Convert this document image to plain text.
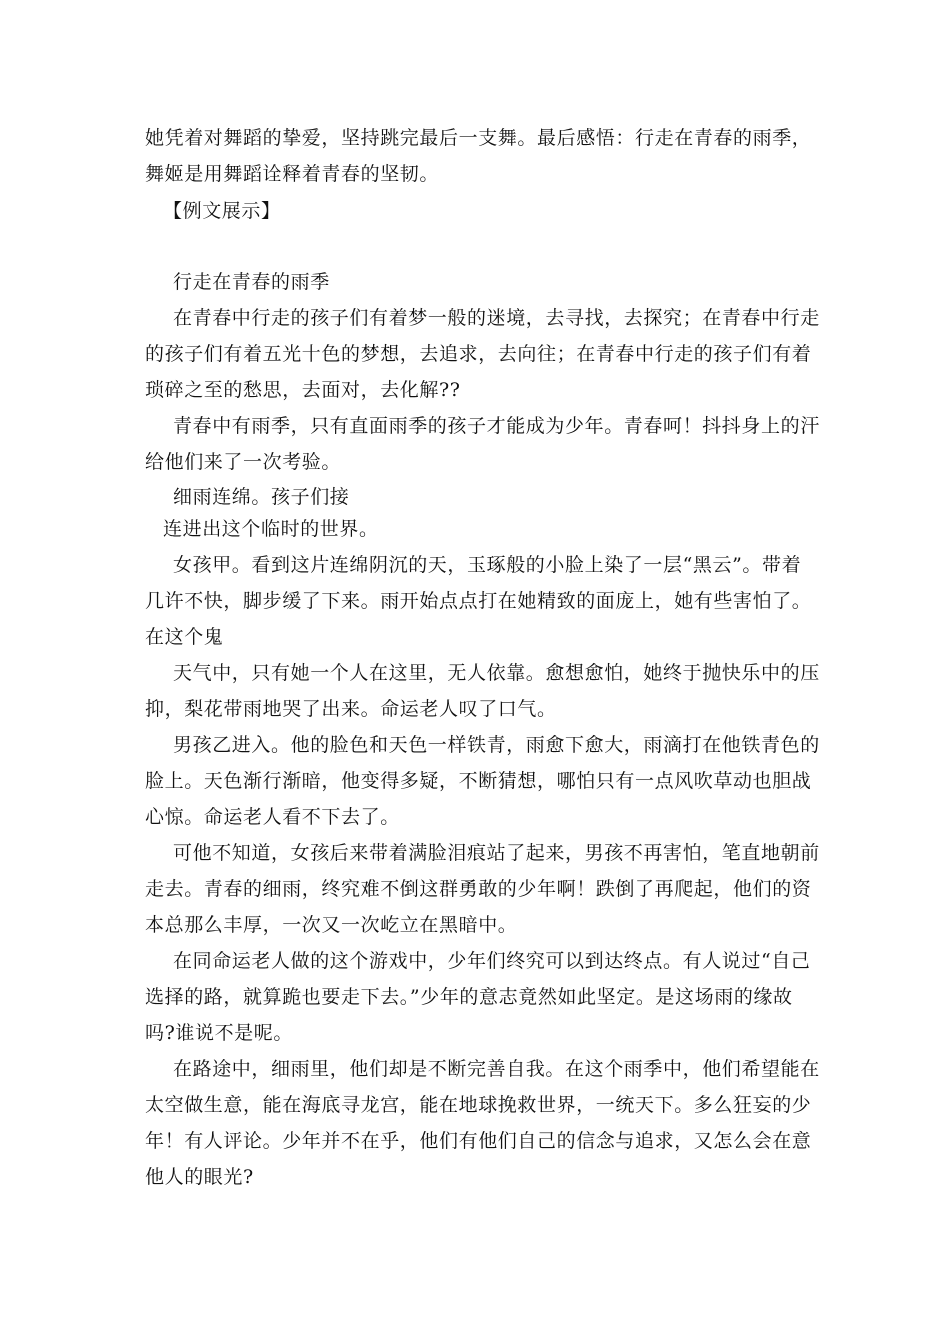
她凭着对舞蹈的挚爱，坚持跳完最后一支舞。最后感悟：行走在青春的雨季，
舞姬是用舞蹈诠释着青春的坚韧。
【例文展示】
行走在青春的雨季
在青春中行走的孩子们有着梦一般的迷境，去寻找，去探究；在青春中行走
的孩子们有着五光十色的梦想，去追求，去向往；在青春中行走的孩子们有着
琐碎之至的愁思，去面对，去化解??
青春中有雨季，只有直面雨季的孩子才能成为少年。青春呵！抖抖身上的汗
给他们来了一次考验。
细雨连绵。孩子们接
连进出这个临时的世界。
女孩甲。看到这片连绵阴沉的天，玉琢般的小脸上染了一层“黑云”。带着
几许不快，脚步缓了下来。雨开始点点打在她精致的面庞上，她有些害怕了。
在这个鬼
天气中，只有她一个人在这里，无人依靠。愈想愈怕，她终于抛快乐中的压
抑，梨花带雨地哭了出来。命运老人叹了口气。
男孩乙进入。他的脸色和天色一样铁青，雨愈下愈大，雨滴打在他铁青色的
脸上。天色渐行渐暗，他变得多疑，不断猜想，哪怕只有一点风吹草动也胆战
心惊。命运老人看不下去了。
可他不知道，女孩后来带着满脸泪痕站了起来，男孩不再害怕，笔直地朝前
走去。青春的细雨，终究难不倒这群勇敢的少年啊！跌倒了再爬起，他们的资
本总那么丰厚，一次又一次屹立在黑暗中。
在同命运老人做的这个游戏中，少年们终究可以到达终点。有人说过“自己
选择的路，就算跪也要走下去。”少年的意志竟然如此坚定。是这场雨的缘故
吗?谁说不是呢。
在路途中，细雨里，他们却是不断完善自我。在这个雨季中，他们希望能在
太空做生意，能在海底寻龙宫，能在地球挽救世界，一统天下。多么狂妄的少
年！有人评论。少年并不在乎，他们有他们自己的信念与追求，又怎么会在意
他人的眼光?
